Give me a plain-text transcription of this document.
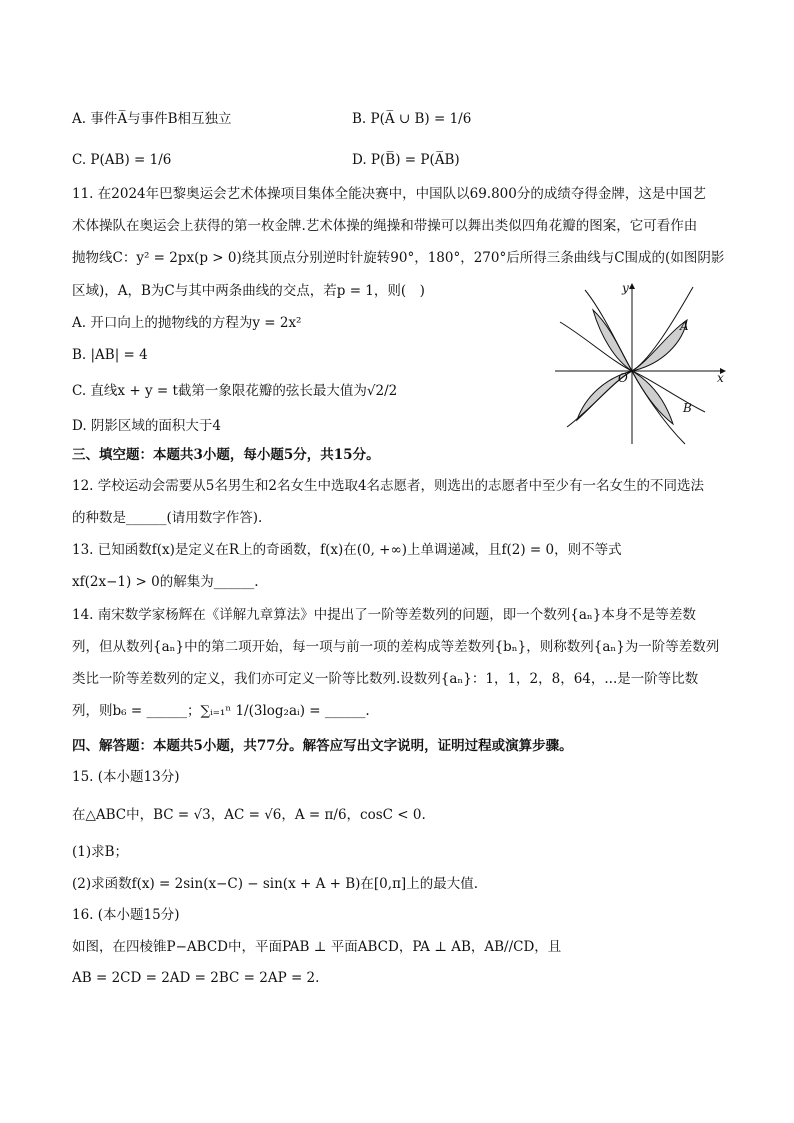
A. 事件A̅与事件B相互独立	B. P(A̅ ∪ B) = 1/6
C. P(AB) = 1/6	D. P(B̅) = P(A̅B)
11. 在2024年巴黎奥运会艺术体操项目集体全能决赛中，中国队以69.800分的成绩夺得金牌，这是中国艺
术体操队在奥运会上获得的第一枚金牌.艺术体操的绳操和带操可以舞出类似四角花瓣的图案，它可看作由
抛物线C：y² = 2px(p > 0)绕其顶点分别逆时针旋转90°，180°，270°后所得三条曲线与C围成的(如图阴影
区域)，A，B为C与其中两条曲线的交点，若p = 1，则(　)
A. 开口向上的抛物线的方程为y = 2x²
B. |AB| = 4
C. 直线x + y = t截第一象限花瓣的弦长最大值为√2/2
D. 阴影区域的面积大于4
x
y
O
A
B
三、填空题：本题共3小题，每小题5分，共15分。
12. 学校运动会需要从5名男生和2名女生中选取4名志愿者，则选出的志愿者中至少有一名女生的不同选法
的种数是______(请用数字作答).
13. 已知函数f(x)是定义在R上的奇函数，f(x)在(0, +∞)上单调递减，且f(2) = 0，则不等式
xf(2x−1) > 0的解集为______.
14. 南宋数学家杨辉在《详解九章算法》中提出了一阶等差数列的问题，即一个数列{aₙ}本身不是等差数
列，但从数列{aₙ}中的第二项开始，每一项与前一项的差构成等差数列{bₙ}，则称数列{aₙ}为一阶等差数列
类比一阶等差数列的定义，我们亦可定义一阶等比数列.设数列{aₙ}：1，1，2，8，64，...是一阶等比数
列，则b₆ = ______；∑ᵢ₌₁ⁿ 1/(3log₂aᵢ) = ______.
四、解答题：本题共5小题，共77分。解答应写出文字说明，证明过程或演算步骤。
15. (本小题13分)
在△ABC中，BC = √3，AC = √6，A = π/6，cosC < 0.
(1)求B；
(2)求函数f(x) = 2sin(x−C) − sin(x + A + B)在[0,π]上的最大值.
16. (本小题15分)
如图，在四棱锥P−ABCD中，平面PAB ⊥ 平面ABCD，PA ⊥ AB，AB//CD，且
AB = 2CD = 2AD = 2BC = 2AP = 2.
